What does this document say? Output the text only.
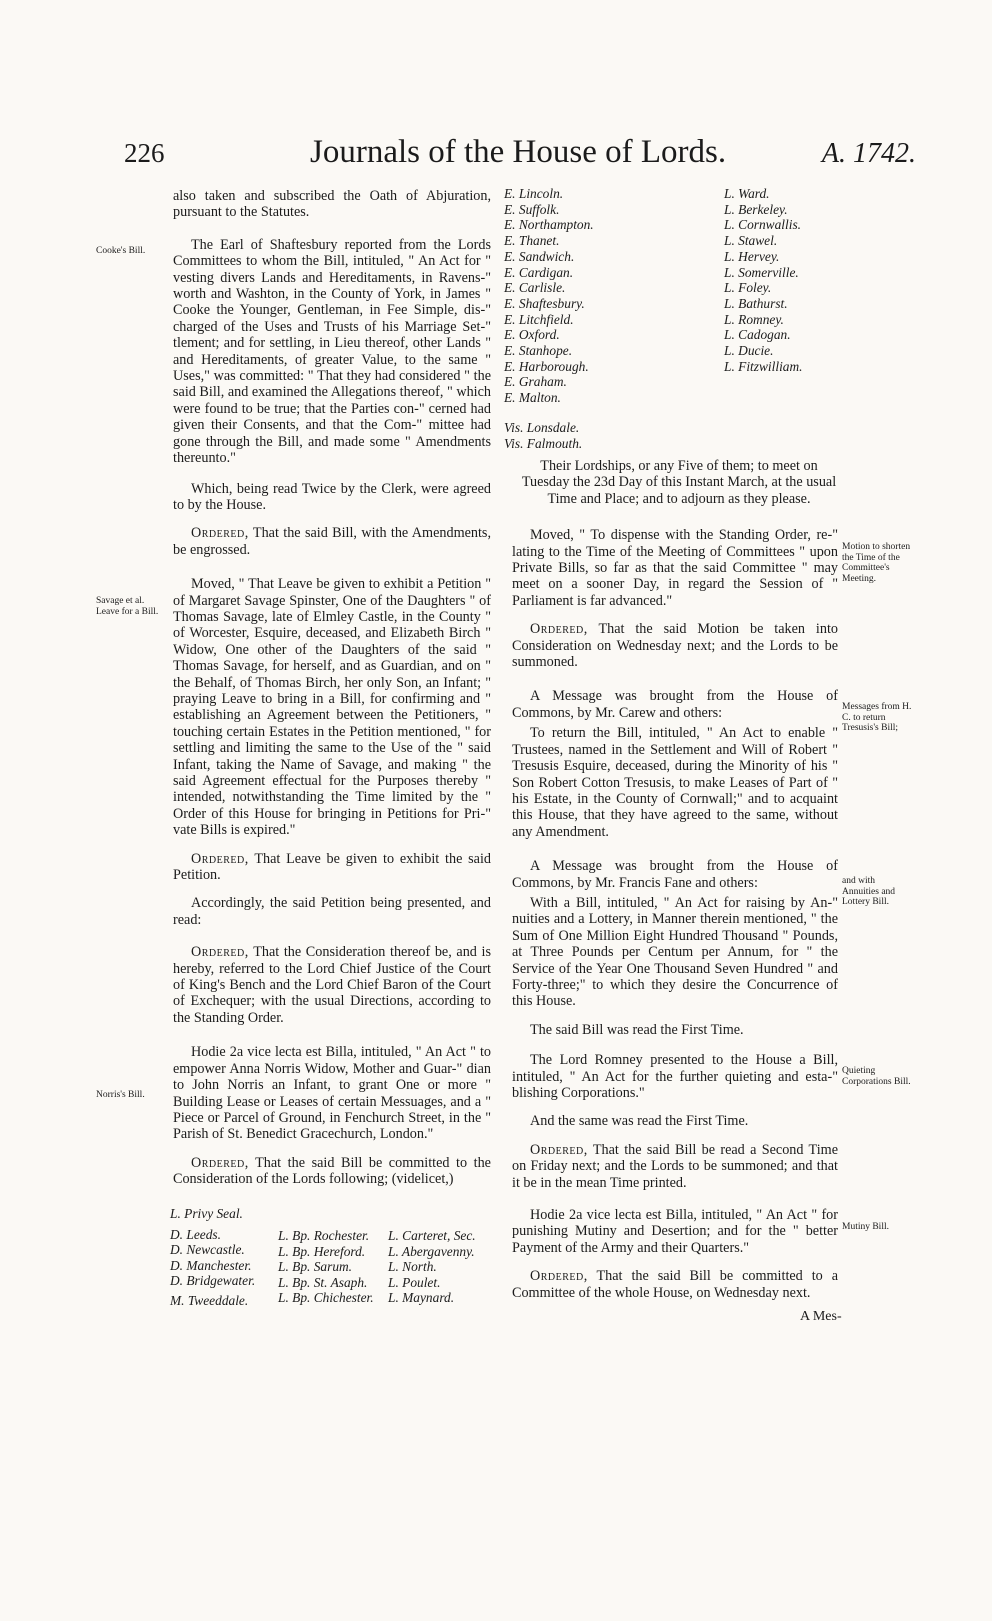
226	Journals of the House of Lords.	A. 1742.
Cooke's Bill.
Savage et al. Leave for a Bill.
Norris's Bill.

also taken and subscribed the Oath of Abjuration, pursuant to the Statutes.

The Earl of Shaftesbury reported from the Lords Committees to whom the Bill, intituled, " An Act for " vesting divers Lands and Hereditaments, in Ravens-" worth and Washton, in the County of York, in James " Cooke the Younger, Gentleman, in Fee Simple, dis-" charged of the Uses and Trusts of his Marriage Set-" tlement; and for settling, in Lieu thereof, other Lands " and Hereditaments, of greater Value, to the same " Uses," was committed: " That they had considered " the said Bill, and examined the Allegations thereof, " which were found to be true; that the Parties con-" cerned had given their Consents, and that the Com-" mittee had gone through the Bill, and made some " Amendments thereunto."

Which, being read Twice by the Clerk, were agreed to by the House.

Ordered, That the said Bill, with the Amendments, be engrossed.

Moved, " That Leave be given to exhibit a Petition " of Margaret Savage Spinster, One of the Daughters " of Thomas Savage, late of Elmley Castle, in the County " of Worcester, Esquire, deceased, and Elizabeth Birch " Widow, One other of the Daughters of the said " Thomas Savage, for herself, and as Guardian, and on " the Behalf, of Thomas Birch, her only Son, an Infant; " praying Leave to bring in a Bill, for confirming and " establishing an Agreement between the Petitioners, " touching certain Estates in the Petition mentioned, " for settling and limiting the same to the Use of the " said Infant, taking the Name of Savage, and making " the said Agreement effectual for the Purposes thereby " intended, notwithstanding the Time limited by the " Order of this House for bringing in Petitions for Pri-" vate Bills is expired."

Ordered, That Leave be given to exhibit the said Petition.

Accordingly, the said Petition being presented, and read:

Ordered, That the Consideration thereof be, and is hereby, referred to the Lord Chief Justice of the Court of King's Bench and the Lord Chief Baron of the Court of Exchequer; with the usual Directions, according to the Standing Order.

Hodie 2a vice lecta est Billa, intituled, " An Act " to empower Anna Norris Widow, Mother and Guar-" dian to John Norris an Infant, to grant One or more " Building Lease or Leases of certain Messuages, and a " Piece or Parcel of Ground, in Fenchurch Street, in the " Parish of St. Benedict Gracechurch, London."

Ordered, That the said Bill be committed to the Consideration of the Lords following; (videlicet,)

L. Privy Seal.
D. Leeds.
D. Newcastle.
D. Manchester.
D. Bridgewater.
M. Tweeddale.
L. Bp. Rochester.
L. Bp. Hereford.
L. Bp. Sarum.
L. Bp. St. Asaph.
L. Bp. Chichester.
L. Carteret, Sec.
L. Abergavenny.
L. North.
L. Poulet.
L. Maynard.
E. Lincoln.
E. Suffolk.
E. Northampton.
E. Thanet.
E. Sandwich.
E. Cardigan.
E. Carlisle.
E. Shaftesbury.
E. Litchfield.
E. Oxford.
E. Stanhope.
E. Harborough.
E. Graham.
E. Malton.
Vis. Lonsdale.
Vis. Falmouth.
L. Ward.
L. Berkeley.
L. Cornwallis.
L. Stawel.
L. Hervey.
L. Somerville.
L. Foley.
L. Bathurst.
L. Romney.
L. Cadogan.
L. Ducie.
L. Fitzwilliam.

Their Lordships, or any Five of them; to meet on Tuesday the 23d Day of this Instant March, at the usual Time and Place; and to adjourn as they please.

Moved, " To dispense with the Standing Order, re-" lating to the Time of the Meeting of Committees " upon Private Bills, so far as that the said Committee " may meet on a sooner Day, in regard the Session of " Parliament is far advanced."

Ordered, That the said Motion be taken into Consideration on Wednesday next; and the Lords to be summoned.

A Message was brought from the House of Commons, by Mr. Carew and others:

To return the Bill, intituled, " An Act to enable " Trustees, named in the Settlement and Will of Robert " Tresusis Esquire, deceased, during the Minority of his " Son Robert Cotton Tresusis, to make Leases of Part of " his Estate, in the County of Cornwall;" and to acquaint this House, that they have agreed to the same, without any Amendment.

A Message was brought from the House of Commons, by Mr. Francis Fane and others:

With a Bill, intituled, " An Act for raising by An-" nuities and a Lottery, in Manner therein mentioned, " the Sum of One Million Eight Hundred Thousand " Pounds, at Three Pounds per Centum per Annum, for " the Service of the Year One Thousand Seven Hundred " and Forty-three;" to which they desire the Concurrence of this House.

The said Bill was read the First Time.

The Lord Romney presented to the House a Bill, intituled, " An Act for the further quieting and esta-" blishing Corporations."

And the same was read the First Time.

Ordered, That the said Bill be read a Second Time on Friday next; and the Lords to be summoned; and that it be in the mean Time printed.

Hodie 2a vice lecta est Billa, intituled, " An Act " for punishing Mutiny and Desertion; and for the " better Payment of the Army and their Quarters."

Ordered, That the said Bill be committed to a Committee of the whole House, on Wednesday next.

Motion to shorten the Time of the Committee's Meeting.
Messages from H. C. to return Tresusis's Bill;
and with Annuities and Lottery Bill.
Quieting Corporations Bill.
Mutiny Bill.
A Mes-
